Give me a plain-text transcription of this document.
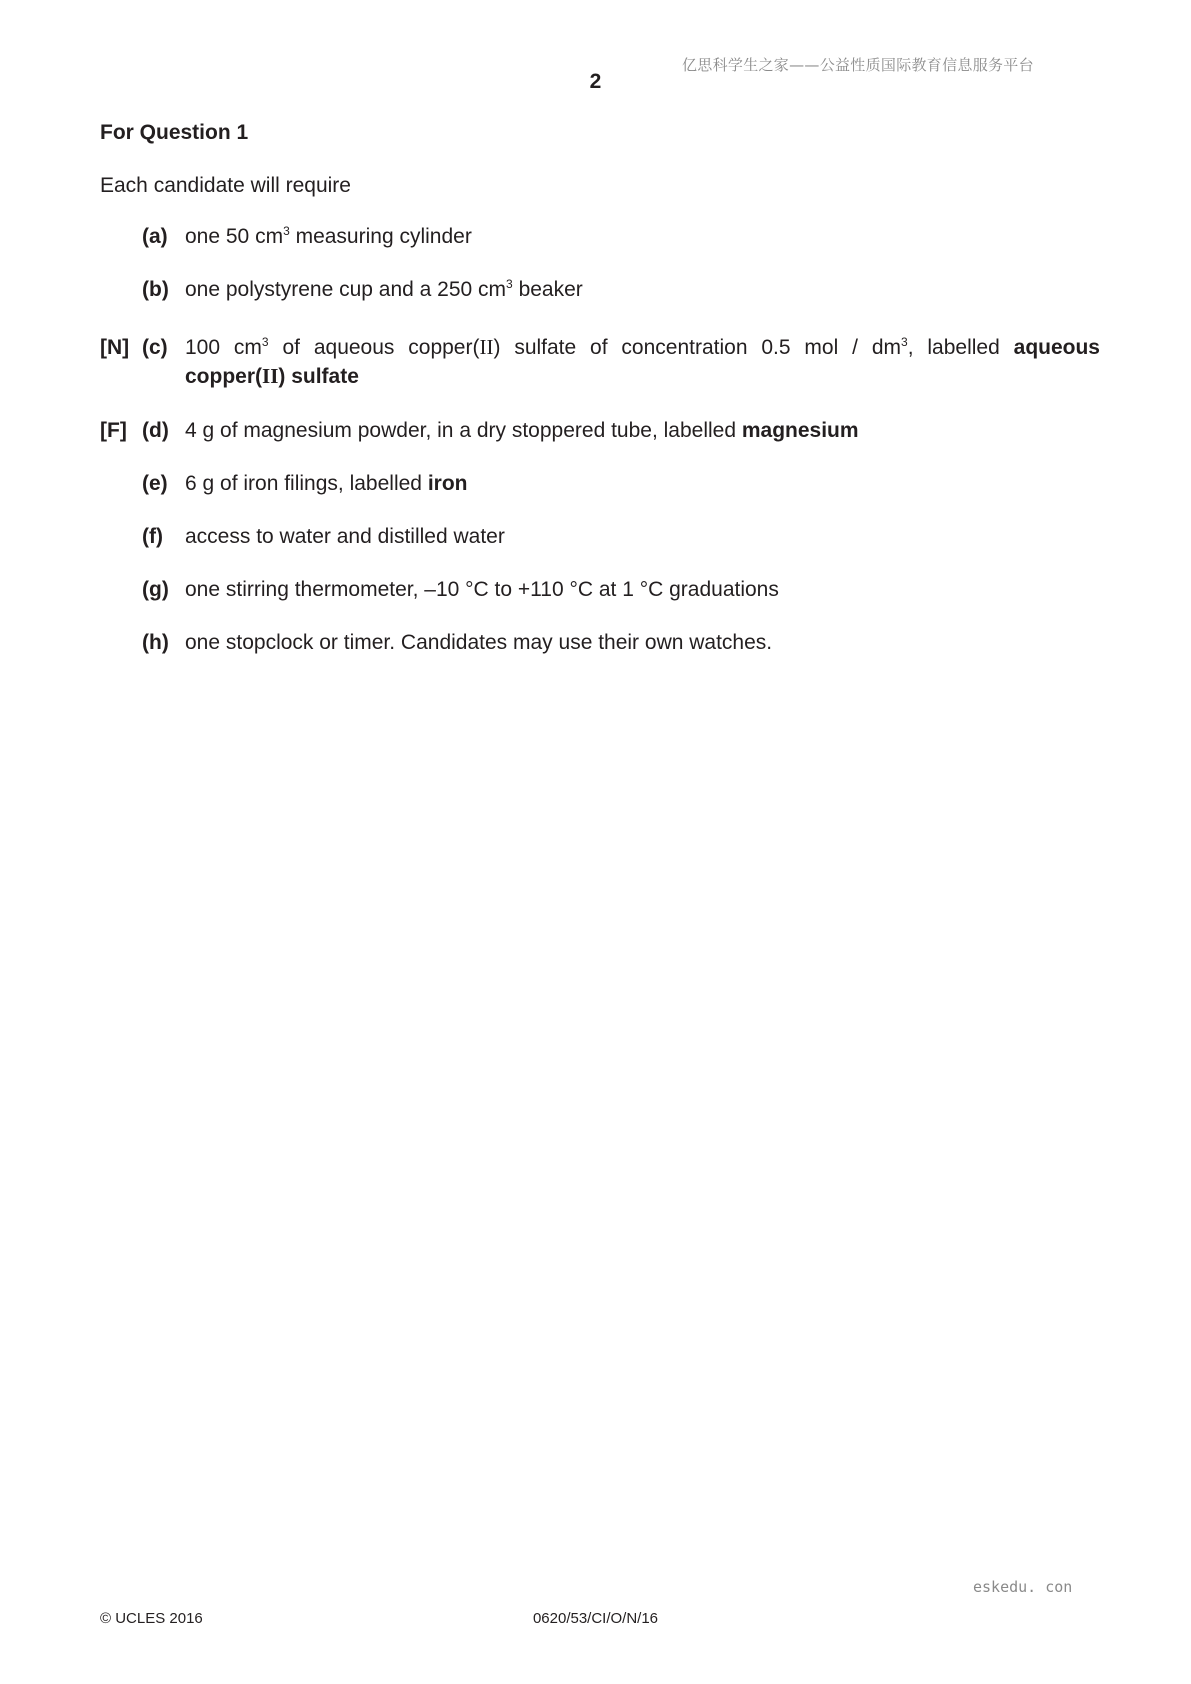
亿思科学生之家——公益性质国际教育信息服务平台
2
For Question 1
Each candidate will require
(a) one 50 $cm^3$ measuring cylinder
(b) one polystyrene cup and a 250 $cm^3$ beaker
[N] (c) 100 $cm^3$ of aqueous copper(II) sulfate of concentration 0.5 mol / $dm^3$, labelled aqueous
copper(II) sulfate
[F] (d) 4 g of magnesium powder, in a dry stoppered tube, labelled magnesium
(e) 6 g of iron filings, labelled iron
(f) access to water and distilled water
(g) one stirring thermometer, –10 °C to +110 °C at 1 °C graduations
(h) one stopclock or timer. Candidates may use their own watches.
eskedu. con
© UCLES 2016	0620/53/CI/O/N/16
